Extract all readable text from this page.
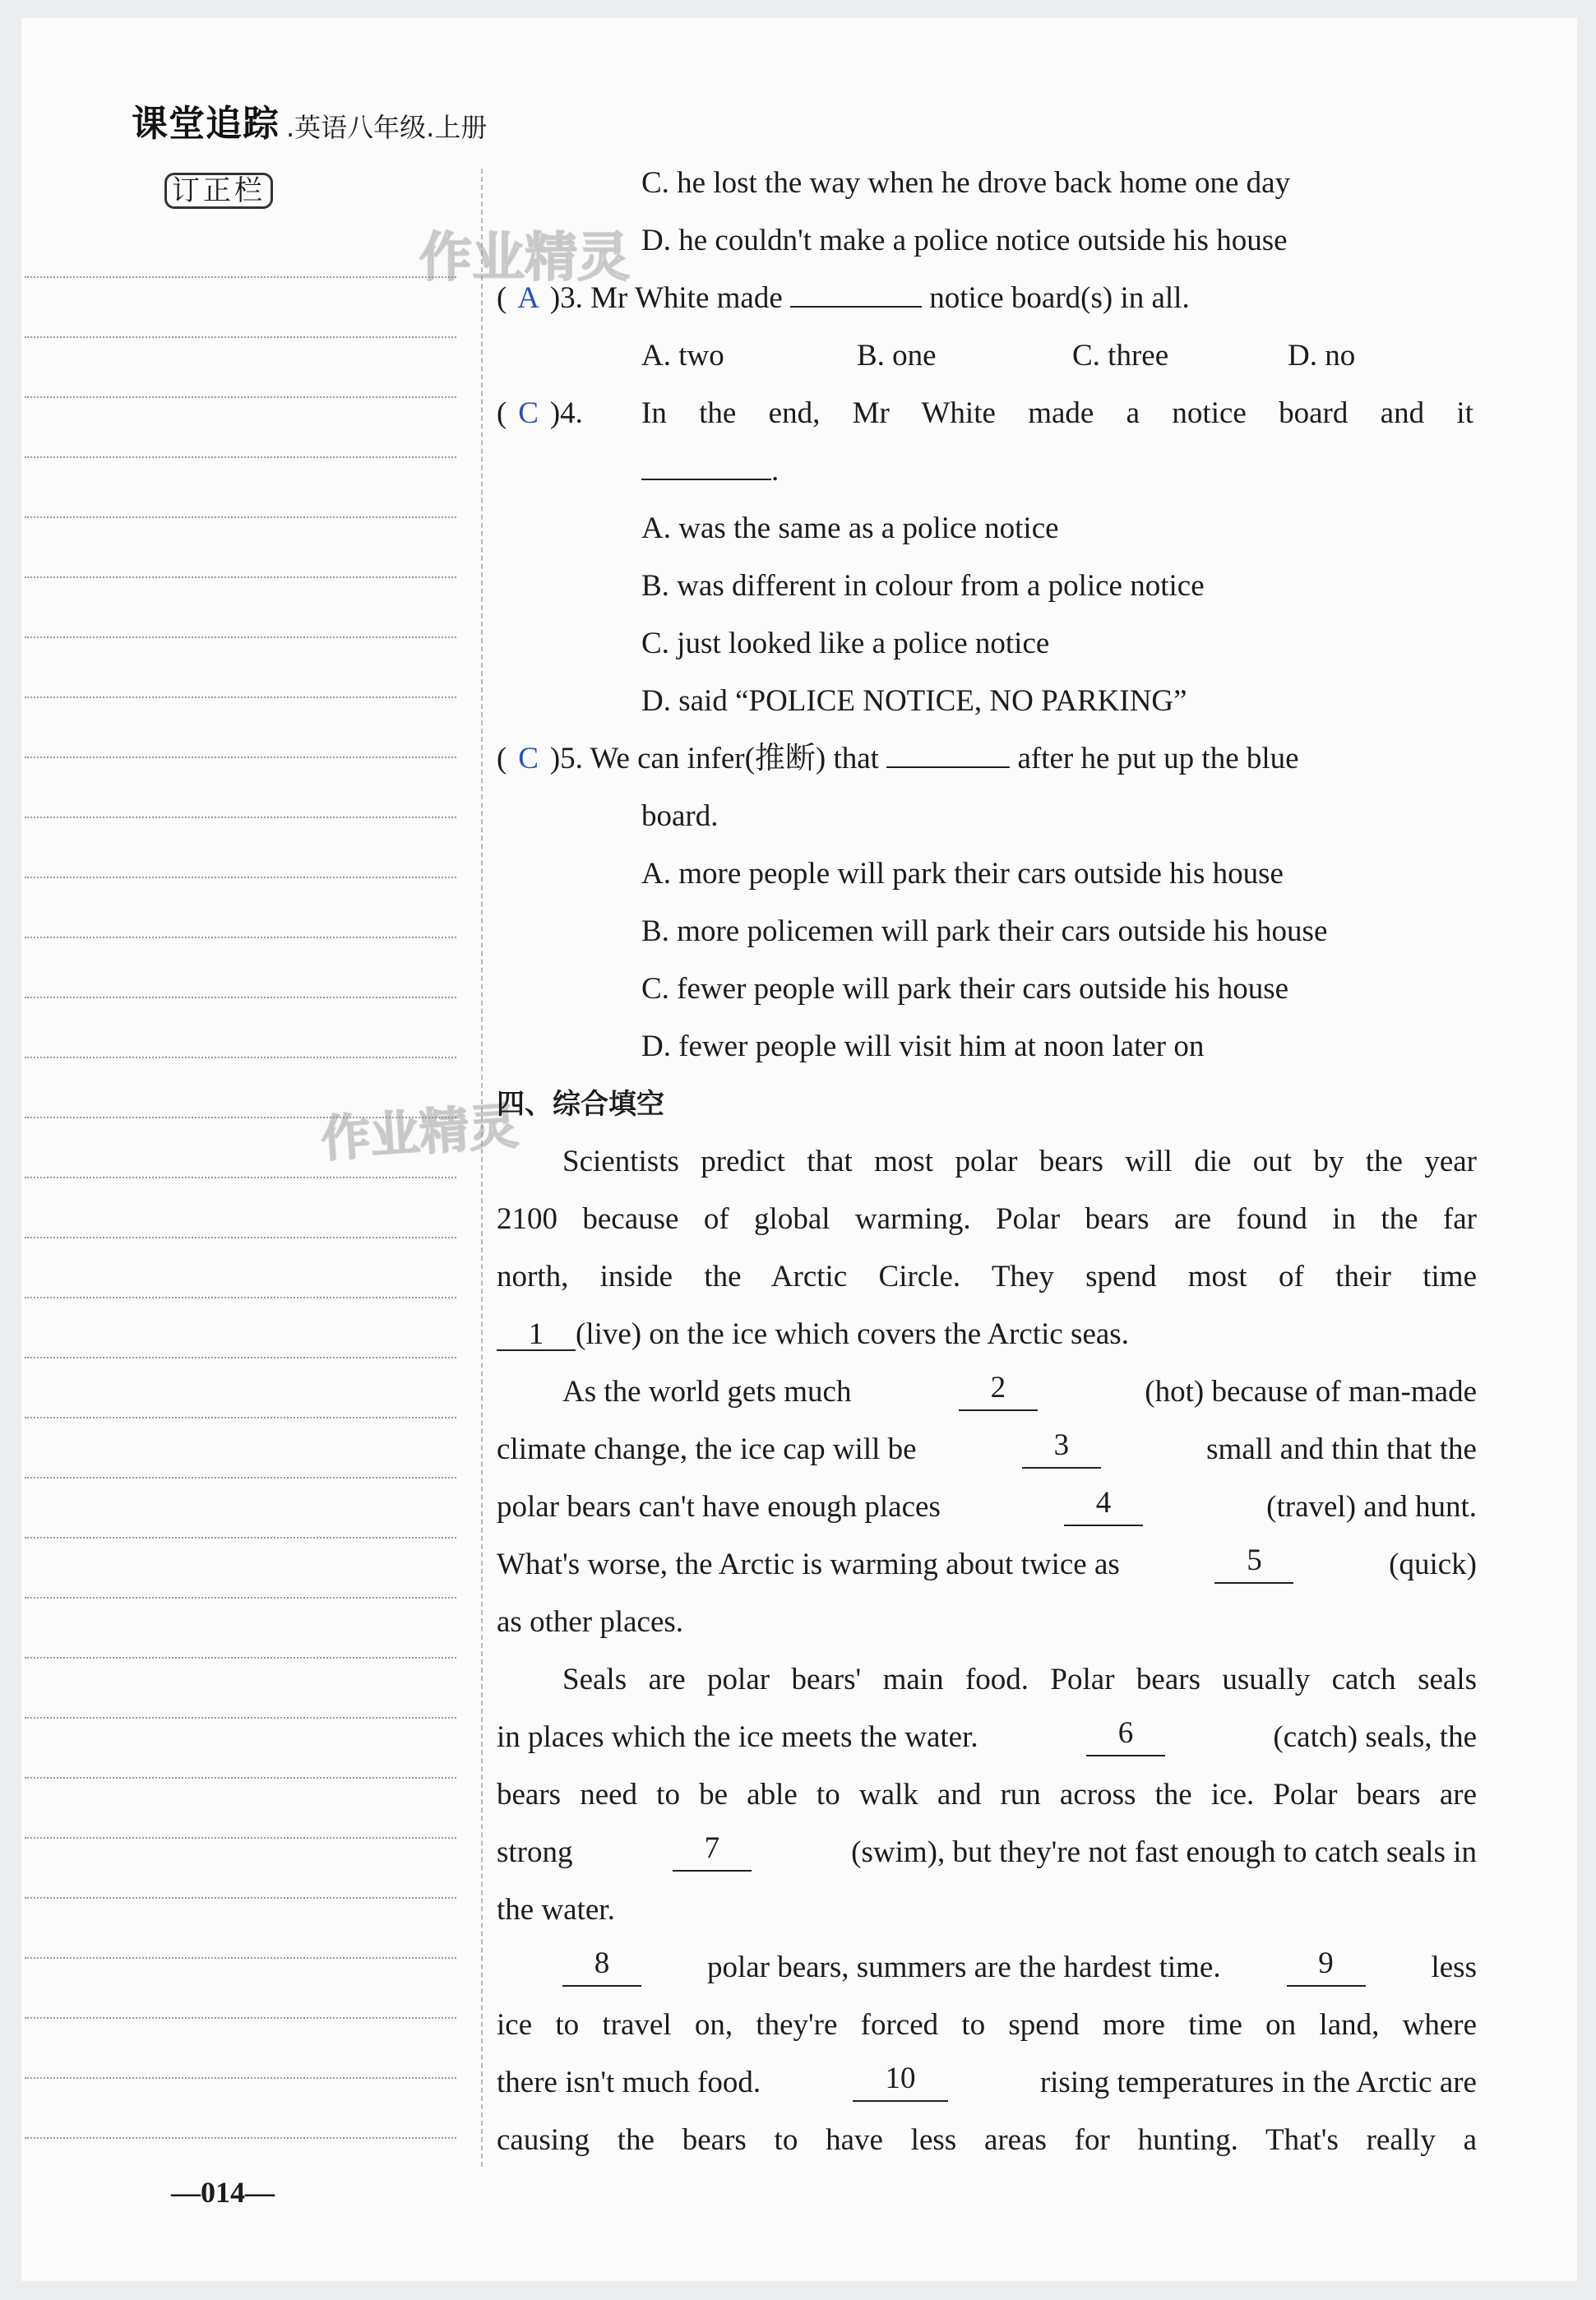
课堂追踪 .英语八年级.上册
订正栏
作业精灵
作业精灵
C. he lost the way when he drove back home one day
D. he couldn't make a police notice outside his house
( A )3. Mr White made	notice board(s) in all.
A. two	B. one	C. three	D. no
( C )4. In the end, Mr White made a notice board and it
.
A. was the same as a police notice
B. was different in colour from a police notice
C. just looked like a police notice
D. said “POLICE NOTICE, NO PARKING”
( C )5. We can infer(推断) that	after he put up the blue
board.
A. more people will park their cars outside his house
B. more policemen will park their cars outside his house
C. fewer people will park their cars outside his house
D. fewer people will visit him at noon later on
四、综合填空
Scientists predict that most polar bears will die out by the year
2100 because of global warming. Polar bears are found in the far
north, inside the Arctic Circle. They spend most of their time
1 (live) on the ice which covers the Arctic seas.
As the world gets much	2	(hot) because of man-made
climate change, the ice cap will be	3	small and thin that the
polar bears can't have enough places	4	(travel) and hunt.
What's worse, the Arctic is warming about twice as	5	(quick)
as other places.
Seals are polar bears' main food. Polar bears usually catch seals
in places which the ice meets the water.	6	(catch) seals, the
bears need to be able to walk and run across the ice. Polar bears are
strong	7	(swim), but they're not fast enough to catch seals in
the water.
8	polar bears, summers are the hardest time.	9	less
ice to travel on, they're forced to spend more time on land, where
there isn't much food.	10	rising temperatures in the Arctic are
causing the bears to have less areas for hunting. That's really a
—014—
